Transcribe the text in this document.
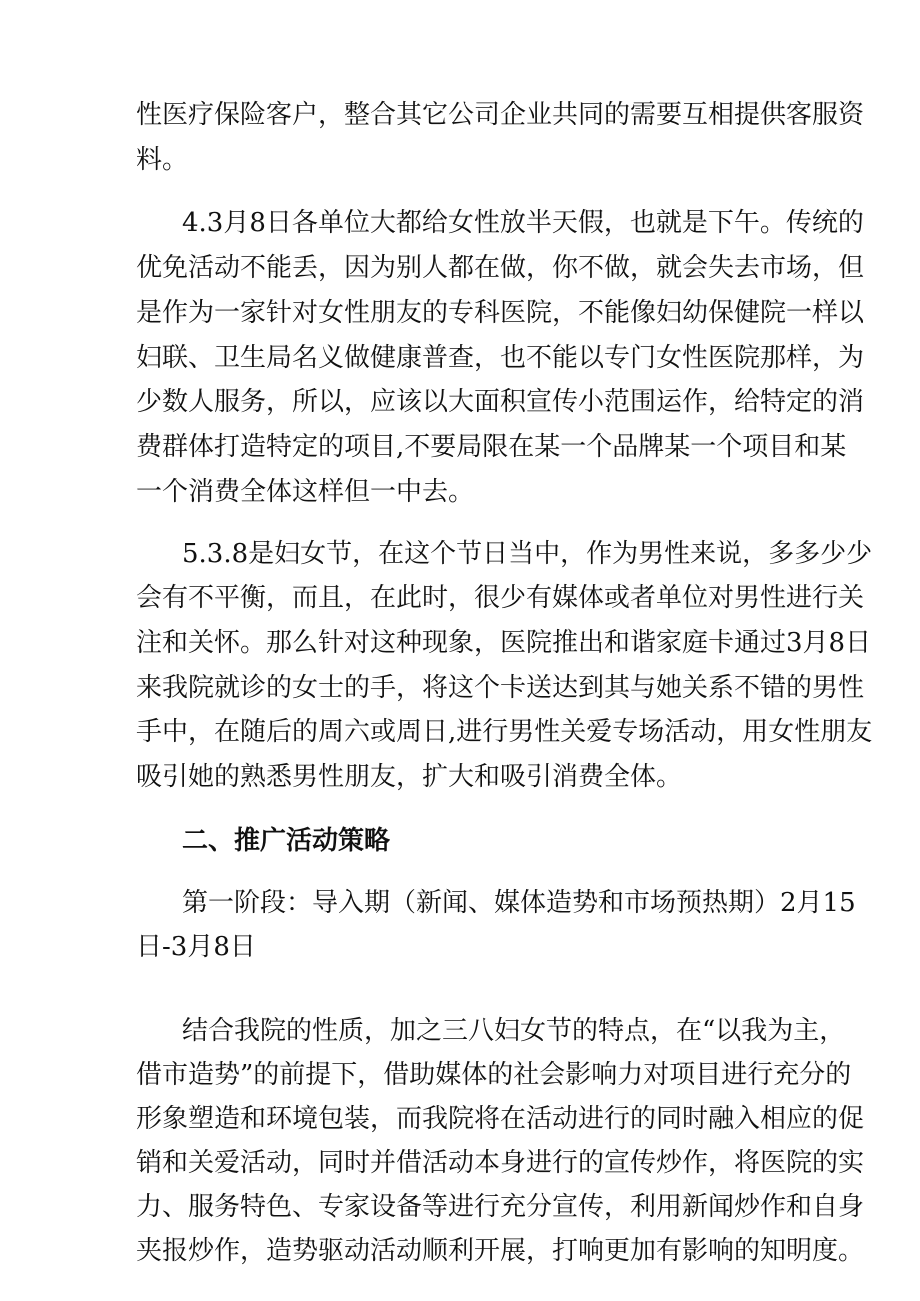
性医疗保险客户，整合其它公司企业共同的需要互相提供客服资
料。
4.3月8日各单位大都给女性放半天假，也就是下午。传统的
优免活动不能丢，因为别人都在做，你不做，就会失去市场，但
是作为一家针对女性朋友的专科医院，不能像妇幼保健院一样以
妇联、卫生局名义做健康普查，也不能以专门女性医院那样，为
少数人服务，所以，应该以大面积宣传小范围运作，给特定的消
费群体打造特定的项目,不要局限在某一个品牌某一个项目和某
一个消费全体这样但一中去。
5.3.8是妇女节，在这个节日当中，作为男性来说，多多少少
会有不平衡，而且，在此时，很少有媒体或者单位对男性进行关
注和关怀。那么针对这种现象，医院推出和谐家庭卡通过3月8日
来我院就诊的女士的手，将这个卡送达到其与她关系不错的男性
手中，在随后的周六或周日,进行男性关爱专场活动，用女性朋友
吸引她的熟悉男性朋友，扩大和吸引消费全体。
二、推广活动策略
第一阶段：导入期（新闻、媒体造势和市场预热期）2月15
日-3月8日
结合我院的性质，加之三八妇女节的特点，在“以我为主，
借市造势”的前提下，借助媒体的社会影响力对项目进行充分的
形象塑造和环境包装，而我院将在活动进行的同时融入相应的促
销和关爱活动，同时并借活动本身进行的宣传炒作，将医院的实
力、服务特色、专家设备等进行充分宣传，利用新闻炒作和自身
夹报炒作，造势驱动活动顺利开展，打响更加有影响的知明度。
